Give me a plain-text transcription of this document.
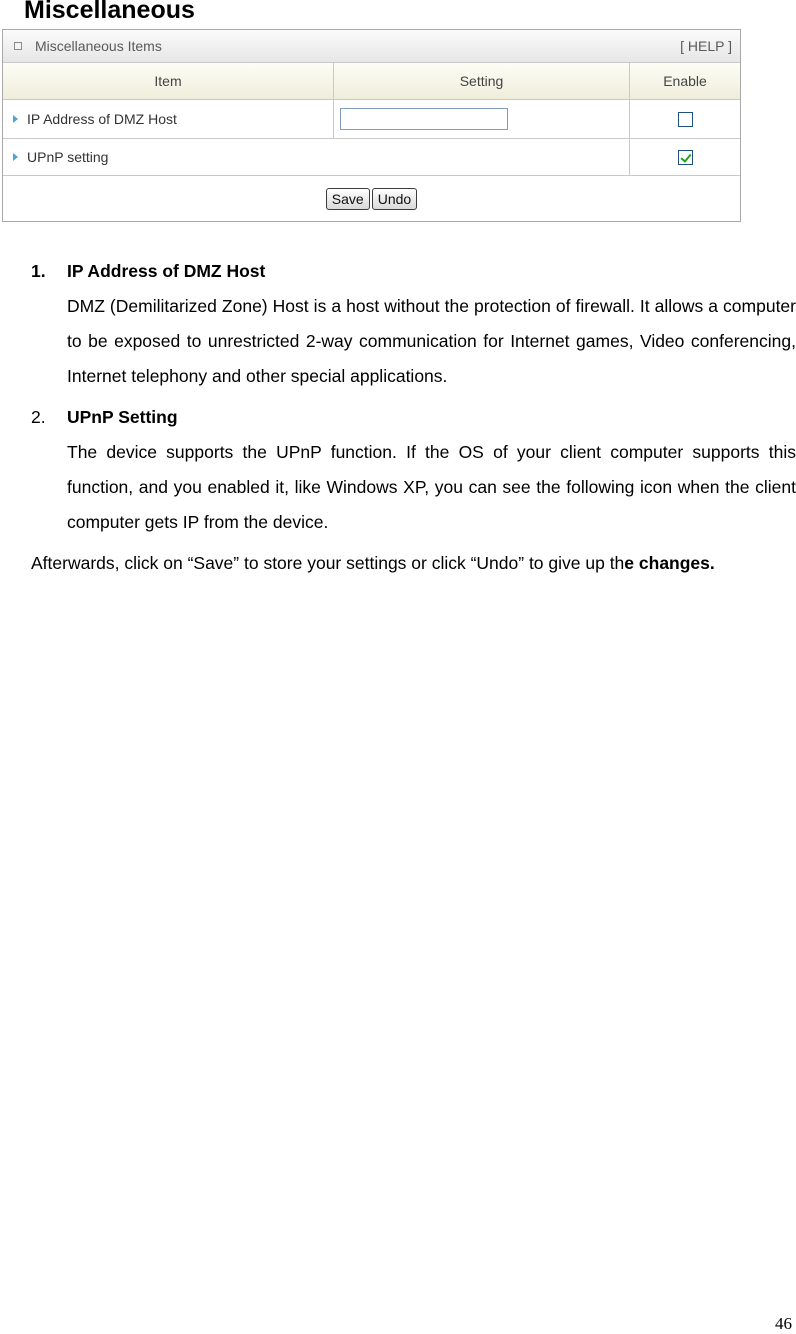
Miscellaneous
Miscellaneous Items	[ HELP ]
Item	Setting	Enable
IP Address of DMZ Host
UPnP setting
Save	Undo
1. IP Address of DMZ Host
DMZ (Demilitarized Zone) Host is a host without the protection of firewall. It allows a computer to be exposed to unrestricted 2-way communication for Internet games, Video conferencing, Internet telephony and other special applications.
2. UPnP Setting
The device supports the UPnP function. If the OS of your client computer supports this function, and you enabled it, like Windows XP, you can see the following icon when the client computer gets IP from the device.
Afterwards, click on “Save” to store your settings or click “Undo” to give up the changes.
46
